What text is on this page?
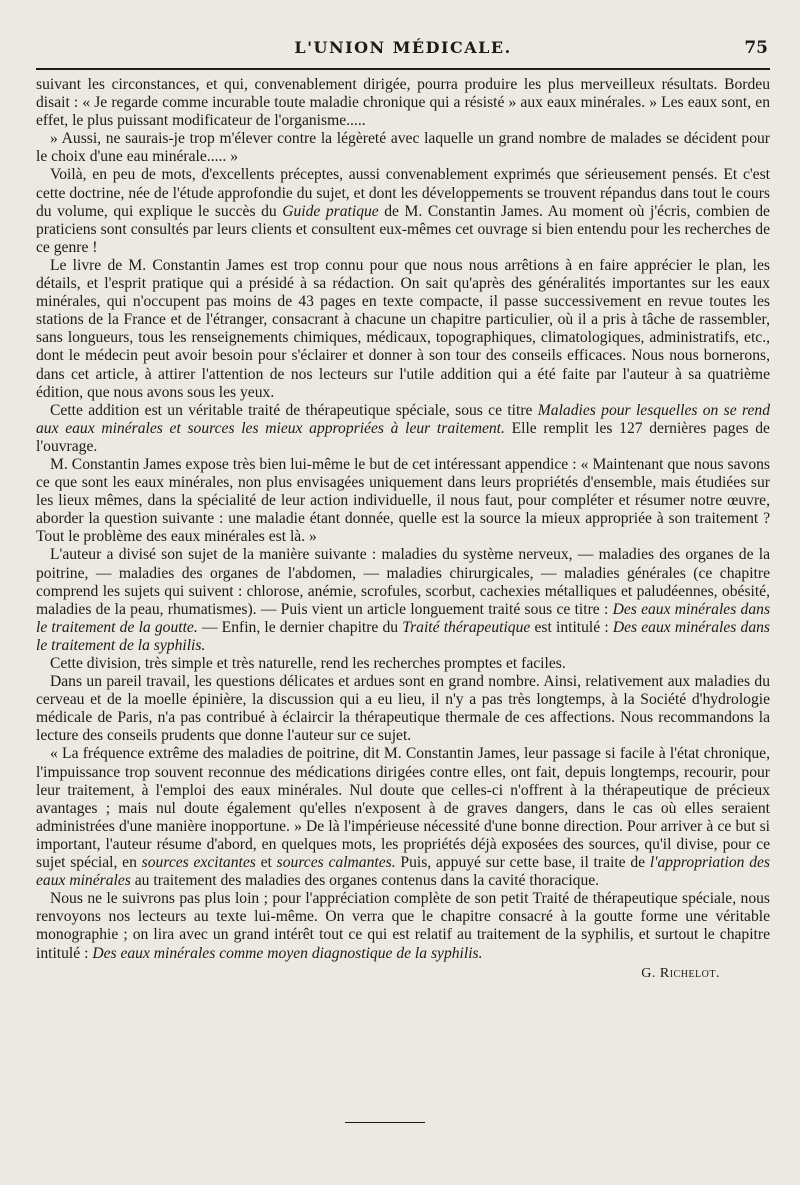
L'UNION MÉDICALE.	75

suivant les circonstances, et qui, convenablement dirigée, pourra produire les plus merveilleux résultats. Bordeu disait : « Je regarde comme incurable toute maladie chronique qui a résisté » aux eaux minérales. » Les eaux sont, en effet, le plus puissant modificateur de l'organisme.....

» Aussi, ne saurais-je trop m'élever contre la légèreté avec laquelle un grand nombre de malades se décident pour le choix d'une eau minérale..... »

Voilà, en peu de mots, d'excellents préceptes, aussi convenablement exprimés que sérieusement pensés. Et c'est cette doctrine, née de l'étude approfondie du sujet, et dont les développements se trouvent répandus dans tout le cours du volume, qui explique le succès du Guide pratique de M. Constantin James. Au moment où j'écris, combien de praticiens sont consultés par leurs clients et consultent eux-mêmes cet ouvrage si bien entendu pour les recherches de ce genre !

Le livre de M. Constantin James est trop connu pour que nous nous arrêtions à en faire apprécier le plan, les détails, et l'esprit pratique qui a présidé à sa rédaction. On sait qu'après des généralités importantes sur les eaux minérales, qui n'occupent pas moins de 43 pages en texte compacte, il passe successivement en revue toutes les stations de la France et de l'étranger, consacrant à chacune un chapitre particulier, où il a pris à tâche de rassembler, sans longueurs, tous les renseignements chimiques, médicaux, topographiques, climatologiques, administratifs, etc., dont le médecin peut avoir besoin pour s'éclairer et donner à son tour des conseils efficaces. Nous nous bornerons, dans cet article, à attirer l'attention de nos lecteurs sur l'utile addition qui a été faite par l'auteur à sa quatrième édition, que nous avons sous les yeux.

Cette addition est un véritable traité de thérapeutique spéciale, sous ce titre Maladies pour lesquelles on se rend aux eaux minérales et sources les mieux appropriées à leur traitement. Elle remplit les 127 dernières pages de l'ouvrage.

M. Constantin James expose très bien lui-même le but de cet intéressant appendice : « Maintenant que nous savons ce que sont les eaux minérales, non plus envisagées uniquement dans leurs propriétés d'ensemble, mais étudiées sur les lieux mêmes, dans la spécialité de leur action individuelle, il nous faut, pour compléter et résumer notre œuvre, aborder la question suivante : une maladie étant donnée, quelle est la source la mieux appropriée à son traitement ? Tout le problème des eaux minérales est là. »

L'auteur a divisé son sujet de la manière suivante : maladies du système nerveux, — maladies des organes de la poitrine, — maladies des organes de l'abdomen, — maladies chirurgicales, — maladies générales (ce chapitre comprend les sujets qui suivent : chlorose, anémie, scrofules, scorbut, cachexies métalliques et paludéennes, obésité, maladies de la peau, rhumatismes). — Puis vient un article longuement traité sous ce titre : Des eaux minérales dans le traitement de la goutte. — Enfin, le dernier chapitre du Traité thérapeutique est intitulé : Des eaux minérales dans le traitement de la syphilis.

Cette division, très simple et très naturelle, rend les recherches promptes et faciles.

Dans un pareil travail, les questions délicates et ardues sont en grand nombre. Ainsi, relativement aux maladies du cerveau et de la moelle épinière, la discussion qui a eu lieu, il n'y a pas très longtemps, à la Société d'hydrologie médicale de Paris, n'a pas contribué à éclaircir la thérapeutique thermale de ces affections. Nous recommandons la lecture des conseils prudents que donne l'auteur sur ce sujet.

« La fréquence extrême des maladies de poitrine, dit M. Constantin James, leur passage si facile à l'état chronique, l'impuissance trop souvent reconnue des médications dirigées contre elles, ont fait, depuis longtemps, recourir, pour leur traitement, à l'emploi des eaux minérales. Nul doute que celles-ci n'offrent à la thérapeutique de précieux avantages ; mais nul doute également qu'elles n'exposent à de graves dangers, dans le cas où elles seraient administrées d'une manière inopportune. » De là l'impérieuse nécessité d'une bonne direction. Pour arriver à ce but si important, l'auteur résume d'abord, en quelques mots, les propriétés déjà exposées des sources, qu'il divise, pour ce sujet spécial, en sources excitantes et sources calmantes. Puis, appuyé sur cette base, il traite de l'appropriation des eaux minérales au traitement des maladies des organes contenus dans la cavité thoracique.

Nous ne le suivrons pas plus loin ; pour l'appréciation complète de son petit Traité de thérapeutique spéciale, nous renvoyons nos lecteurs au texte lui-même. On verra que le chapitre consacré à la goutte forme une véritable monographie ; on lira avec un grand intérêt tout ce qui est relatif au traitement de la syphilis, et surtout le chapitre intitulé : Des eaux minérales comme moyen diagnostique de la syphilis.

G. Richelot.
